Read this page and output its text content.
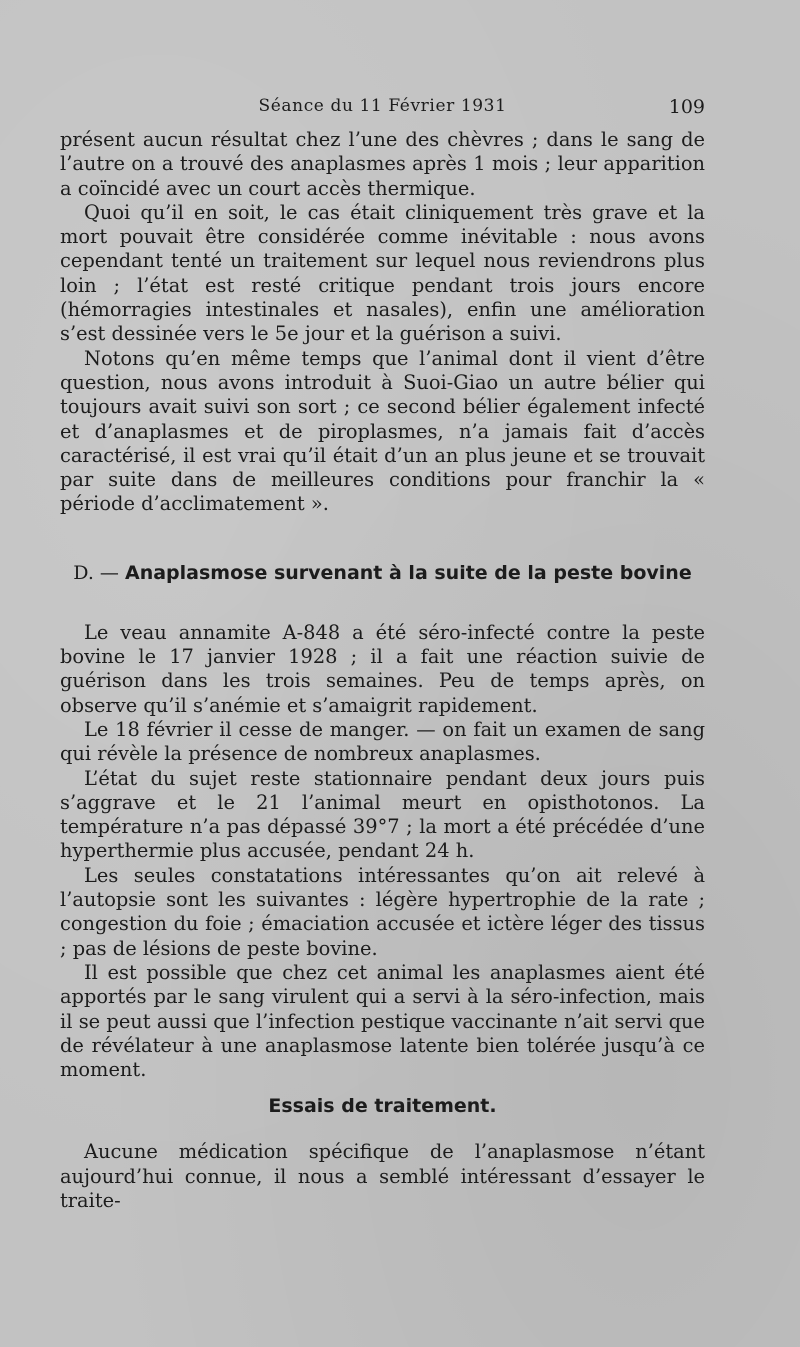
Séance du 11 Février 1931	109

présent aucun résultat chez l’une des chèvres ; dans le sang de l’autre on a trouvé des anaplasmes après 1 mois ; leur apparition a coïncidé avec un court accès thermique.

Quoi qu’il en soit, le cas était cliniquement très grave et la mort pouvait être considérée comme inévitable : nous avons cependant tenté un traitement sur lequel nous reviendrons plus loin ; l’état est resté critique pendant trois jours encore (hémorragies intestinales et nasales), enfin une amélioration s’est dessinée vers le 5e jour et la guérison a suivi.

Notons qu’en même temps que l’animal dont il vient d’être question, nous avons introduit à Suoi-Giao un autre bélier qui toujours avait suivi son sort ; ce second bélier également infecté et d’anaplasmes et de piroplasmes, n’a jamais fait d’accès caractérisé, il est vrai qu’il était d’un an plus jeune et se trouvait par suite dans de meilleures conditions pour franchir la « période d’acclimatement ».

D. — Anaplasmose survenant à la suite de la peste bovine

Le veau annamite A-848 a été séro-infecté contre la peste bovine le 17 janvier 1928 ; il a fait une réaction suivie de guérison dans les trois semaines. Peu de temps après, on observe qu’il s’anémie et s’amaigrit rapidement.

Le 18 février il cesse de manger. — on fait un examen de sang qui révèle la présence de nombreux anaplasmes.

L’état du sujet reste stationnaire pendant deux jours puis s’aggrave et le 21 l’animal meurt en opisthotonos. La température n’a pas dépassé 39°7 ; la mort a été précédée d’une hyperthermie plus accusée, pendant 24 h.

Les seules constatations intéressantes qu’on ait relevé à l’autopsie sont les suivantes : légère hypertrophie de la rate ; congestion du foie ; émaciation accusée et ictère léger des tissus ; pas de lésions de peste bovine.

Il est possible que chez cet animal les anaplasmes aient été apportés par le sang virulent qui a servi à la séro-infection, mais il se peut aussi que l’infection pestique vaccinante n’ait servi que de révélateur à une anaplasmose latente bien tolérée jusqu’à ce moment.

Essais de traitement.

Aucune médication spécifique de l’anaplasmose n’étant aujourd’hui connue, il nous a semblé intéressant d’essayer le traite-
